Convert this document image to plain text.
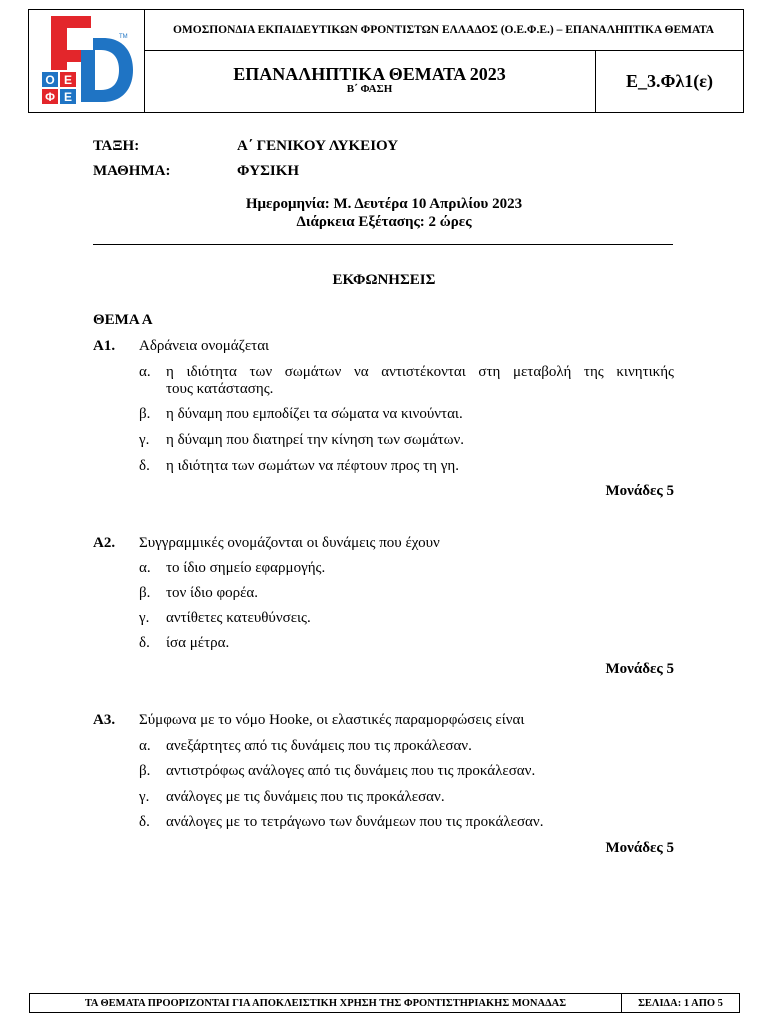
TM
Ο Ε
Φ Ε
ΟΜΟΣΠΟΝΔΙΑ ΕΚΠΑΙΔΕΥΤΙΚΩΝ ΦΡΟΝΤΙΣΤΩΝ ΕΛΛΑΔΟΣ (Ο.Ε.Φ.Ε.) – ΕΠΑΝΑΛΗΠΤΙΚΑ ΘΕΜΑΤΑ
ΕΠΑΝΑΛΗΠΤΙΚΑ ΘΕΜΑΤΑ 2023
Β΄ ΦΑΣΗ	Ε_3.Φλ1(ε)
ΤΑΞΗ:	Α΄ ΓΕΝΙΚΟΥ ΛΥΚΕΙΟΥ
ΜΑΘΗΜΑ:	ΦΥΣΙΚΗ
Ημερομηνία: Μ. Δευτέρα 10 Απριλίου 2023
Διάρκεια Εξέτασης: 2 ώρες
ΕΚΦΩΝΗΣΕΙΣ
ΘΕΜΑ Α
Α1. Αδράνεια ονομάζεται
α. η ιδιότητα των σωμάτων να αντιστέκονται στη μεταβολή της κινητικής
τους κατάστασης.
β. η δύναμη που εμποδίζει τα σώματα να κινούνται.
γ. η δύναμη που διατηρεί την κίνηση των σωμάτων.
δ. η ιδιότητα των σωμάτων να πέφτουν προς τη γη.
Μονάδες 5
Α2. Συγγραμμικές ονομάζονται οι δυνάμεις που έχουν
α. το ίδιο σημείο εφαρμογής.
β. τον ίδιο φορέα.
γ. αντίθετες κατευθύνσεις.
δ. ίσα μέτρα.
Μονάδες 5
Α3. Σύμφωνα με το νόμο Hooke, οι ελαστικές παραμορφώσεις είναι
α. ανεξάρτητες από τις δυνάμεις που τις προκάλεσαν.
β. αντιστρόφως ανάλογες από τις δυνάμεις που τις προκάλεσαν.
γ. ανάλογες με τις δυνάμεις που τις προκάλεσαν.
δ. ανάλογες με το τετράγωνο των δυνάμεων που τις προκάλεσαν.
Μονάδες 5
ΤΑ ΘΕΜΑΤΑ ΠΡΟΟΡΙΖΟΝΤΑΙ ΓΙΑ ΑΠΟΚΛΕΙΣΤΙΚΗ ΧΡΗΣΗ ΤΗΣ ΦΡΟΝΤΙΣΤΗΡΙΑΚΗΣ ΜΟΝΑΔΑΣ	ΣΕΛΙΔΑ: 1 ΑΠΟ 5
